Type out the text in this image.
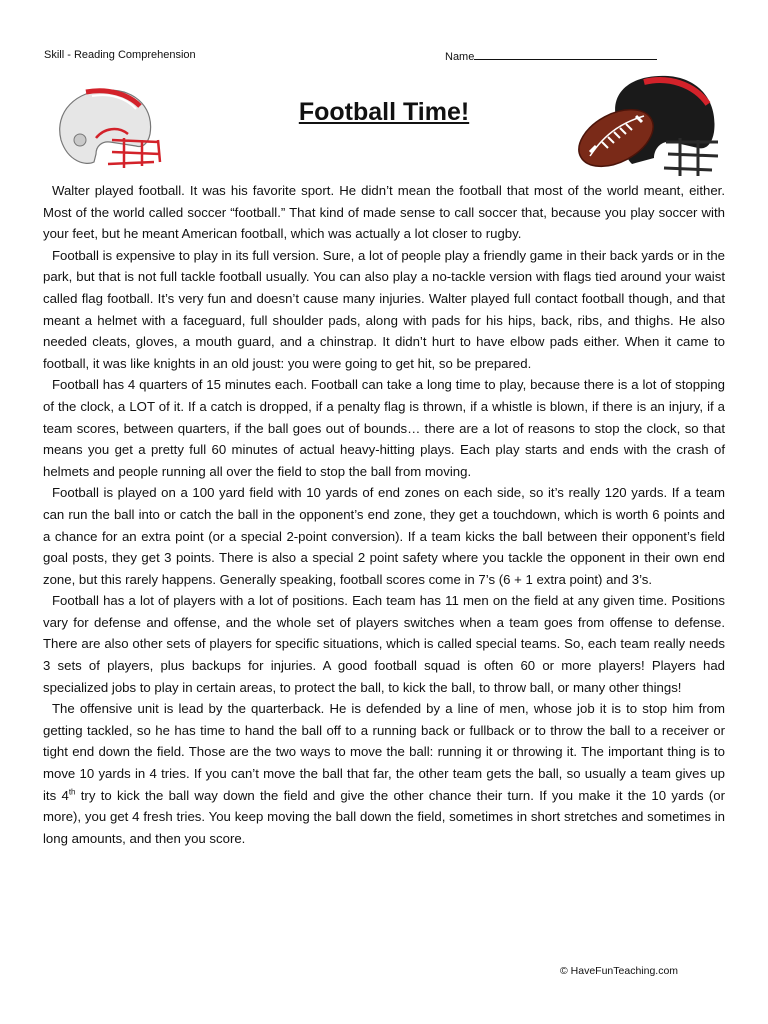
Skill - Reading Comprehension	Name
Football Time!

Walter played football. It was his favorite sport. He didn’t mean the football that most of the world meant, either. Most of the world called soccer “football.” That kind of made sense to call soccer that, because you play soccer with your feet, but he meant American football, which was actually a lot closer to rugby.

Football is expensive to play in its full version. Sure, a lot of people play a friendly game in their back yards or in the park, but that is not full tackle football usually. You can also play a no-tackle version with flags tied around your waist called flag football. It’s very fun and doesn’t cause many injuries. Walter played full contact football though, and that meant a helmet with a faceguard, full shoulder pads, along with pads for his hips, back, ribs, and thighs. He also needed cleats, gloves, a mouth guard, and a chinstrap. It didn’t hurt to have elbow pads either. When it came to football, it was like knights in an old joust: you were going to get hit, so be prepared.

Football has 4 quarters of 15 minutes each. Football can take a long time to play, because there is a lot of stopping of the clock, a LOT of it. If a catch is dropped, if a penalty flag is thrown, if a whistle is blown, if there is an injury, if a team scores, between quarters, if the ball goes out of bounds… there are a lot of reasons to stop the clock, so that means you get a pretty full 60 minutes of actual heavy-hitting plays. Each play starts and ends with the crash of helmets and people running all over the field to stop the ball from moving.

Football is played on a 100 yard field with 10 yards of end zones on each side, so it’s really 120 yards. If a team can run the ball into or catch the ball in the opponent’s end zone, they get a touchdown, which is worth 6 points and a chance for an extra point (or a special 2-point conversion). If a team kicks the ball between their opponent’s field goal posts, they get 3 points. There is also a special 2 point safety where you tackle the opponent in their own end zone, but this rarely happens. Generally speaking, football scores come in 7’s (6 + 1 extra point) and 3’s.

Football has a lot of players with a lot of positions. Each team has 11 men on the field at any given time. Positions vary for defense and offense, and the whole set of players switches when a team goes from offense to defense. There are also other sets of players for specific situations, which is called special teams. So, each team really needs 3 sets of players, plus backups for injuries. A good football squad is often 60 or more players! Players had specialized jobs to play in certain areas, to protect the ball, to kick the ball, to throw ball, or many other things!

The offensive unit is lead by the quarterback. He is defended by a line of men, whose job it is to stop him from getting tackled, so he has time to hand the ball off to a running back or fullback or to throw the ball to a receiver or tight end down the field. Those are the two ways to move the ball: running it or throwing it. The important thing is to move 10 yards in 4 tries. If you can’t move the ball that far, the other team gets the ball, so usually a team gives up its 4th try to kick the ball way down the field and give the other chance their turn. If you make it the 10 yards (or more), you get 4 fresh tries. You keep moving the ball down the field, sometimes in short stretches and sometimes in long amounts, and then you score.

© HaveFunTeaching.com
